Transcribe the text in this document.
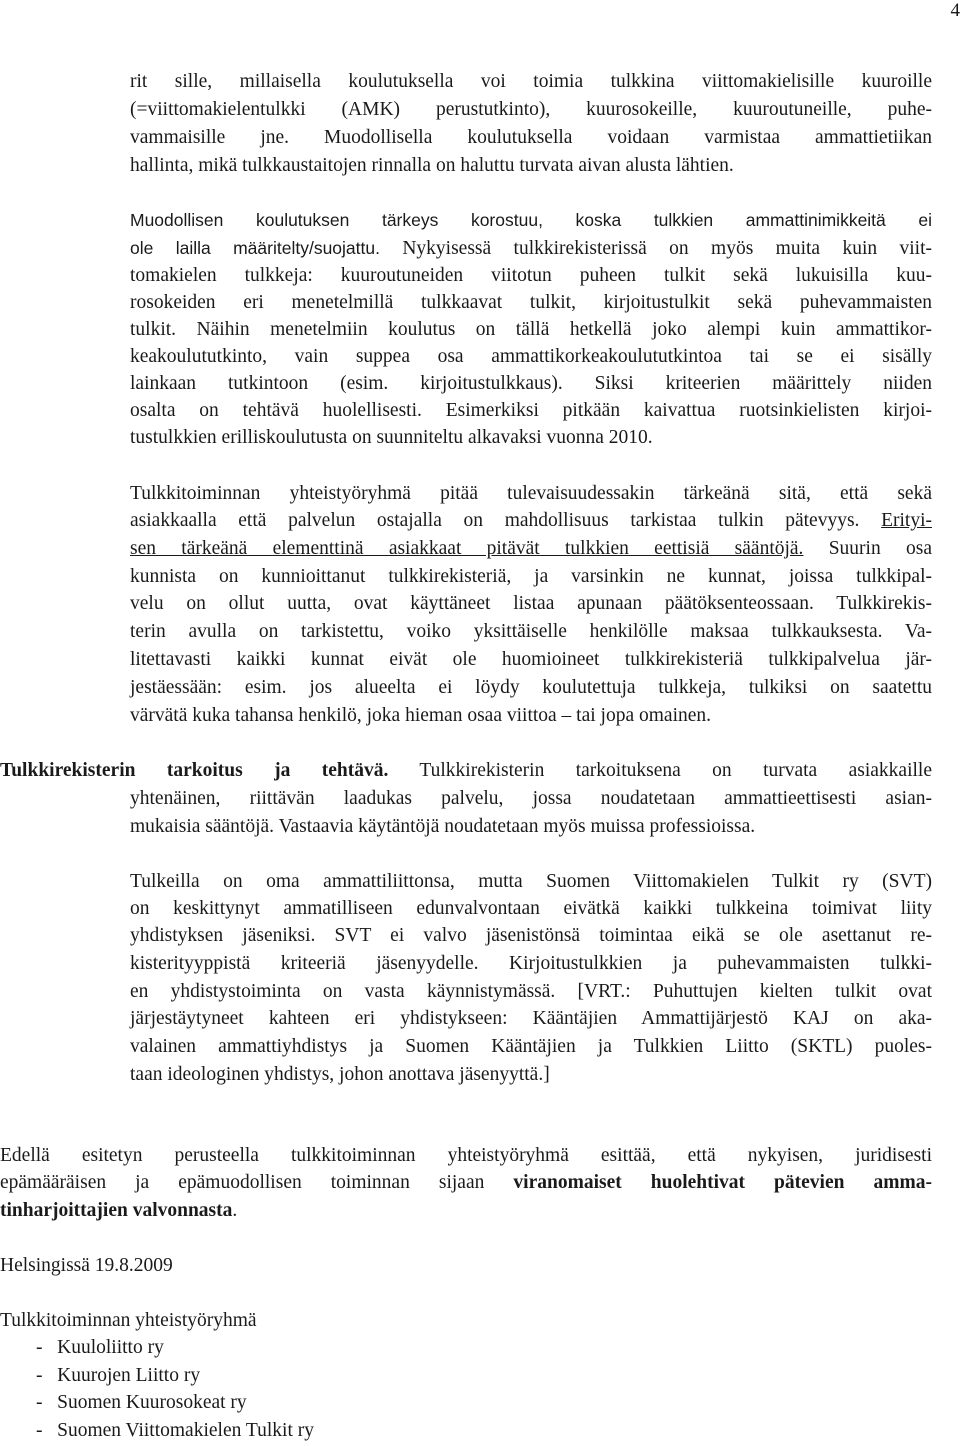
4
rit sille, millaisella koulutuksella voi toimia tulkkina viittomakielisille kuuroille
(=viittomakielentulkki (AMK) perustutkinto), kuurosokeille, kuuroutuneille, puhe-
vammaisille jne. Muodollisella koulutuksella voidaan varmistaa ammattietiikan
hallinta, mikä tulkkaustaitojen rinnalla on haluttu turvata aivan alusta lähtien.
Muodollisen koulutuksen tärkeys korostuu, koska tulkkien ammattinimikkeitä ei
ole lailla määritelty/suojattu. Nykyisessä tulkkirekisterissä on myös muita kuin viit-
tomakielen tulkkeja: kuuroutuneiden viitotun puheen tulkit sekä lukuisilla kuu-
rosokeiden eri menetelmillä tulkkaavat tulkit, kirjoitustulkit sekä puhevammaisten
tulkit. Näihin menetelmiin koulutus on tällä hetkellä joko alempi kuin ammattikor-
keakoulututkinto, vain suppea osa ammattikorkeakoulututkintoa tai se ei sisälly
lainkaan tutkintoon (esim. kirjoitustulkkaus). Siksi kriteerien määrittely niiden
osalta on tehtävä huolellisesti. Esimerkiksi pitkään kaivattua ruotsinkielisten kirjoi-
tustulkkien erilliskoulutusta on suunniteltu alkavaksi vuonna 2010.
Tulkkitoiminnan yhteistyöryhmä pitää tulevaisuudessakin tärkeänä sitä, että sekä
asiakkaalla että palvelun ostajalla on mahdollisuus tarkistaa tulkin pätevyys. Erityi-
sen tärkeänä elementtinä asiakkaat pitävät tulkkien eettisiä sääntöjä. Suurin osa
kunnista on kunnioittanut tulkkirekisteriä, ja varsinkin ne kunnat, joissa tulkkipal-
velu on ollut uutta, ovat käyttäneet listaa apunaan päätöksenteossaan. Tulkkirekis-
terin avulla on tarkistettu, voiko yksittäiselle henkilölle maksaa tulkkauksesta. Va-
litettavasti kaikki kunnat eivät ole huomioineet tulkkirekisteriä tulkkipalvelua jär-
jestäessään: esim. jos alueelta ei löydy koulutettuja tulkkeja, tulkiksi on saatettu
värvätä kuka tahansa henkilö, joka hieman osaa viittoa – tai jopa omainen.
Tulkkirekisterin tarkoitus ja tehtävä. Tulkkirekisterin tarkoituksena on turvata asiakkaille
yhtenäinen, riittävän laadukas palvelu, jossa noudatetaan ammattieettisesti asian-
mukaisia sääntöjä. Vastaavia käytäntöjä noudatetaan myös muissa professioissa.
Tulkeilla on oma ammattiliittonsa, mutta Suomen Viittomakielen Tulkit ry (SVT)
on keskittynyt ammatilliseen edunvalvontaan eivätkä kaikki tulkkeina toimivat liity
yhdistyksen jäseniksi. SVT ei valvo jäsenistönsä toimintaa eikä se ole asettanut re-
kisterityyppistä kriteeriä jäsenyydelle. Kirjoitustulkkien ja puhevammaisten tulkki-
en yhdistystoiminta on vasta käynnistymässä. [VRT.: Puhuttujen kielten tulkit ovat
järjestäytyneet kahteen eri yhdistykseen: Kääntäjien Ammattijärjestö KAJ on aka-
valainen ammattiyhdistys ja Suomen Kääntäjien ja Tulkkien Liitto (SKTL) puoles-
taan ideologinen yhdistys, johon anottava jäsenyyttä.]
Edellä esitetyn perusteella tulkkitoiminnan yhteistyöryhmä esittää, että nykyisen, juridisesti
epämääräisen ja epämuodollisen toiminnan sijaan viranomaiset huolehtivat pätevien amma-
tinharjoittajien valvonnasta.
Helsingissä 19.8.2009
Tulkkitoiminnan yhteistyöryhmä
-   Kuuloliitto ry
-   Kuurojen Liitto ry
-   Suomen Kuurosokeat ry
-   Suomen Viittomakielen Tulkit ry
